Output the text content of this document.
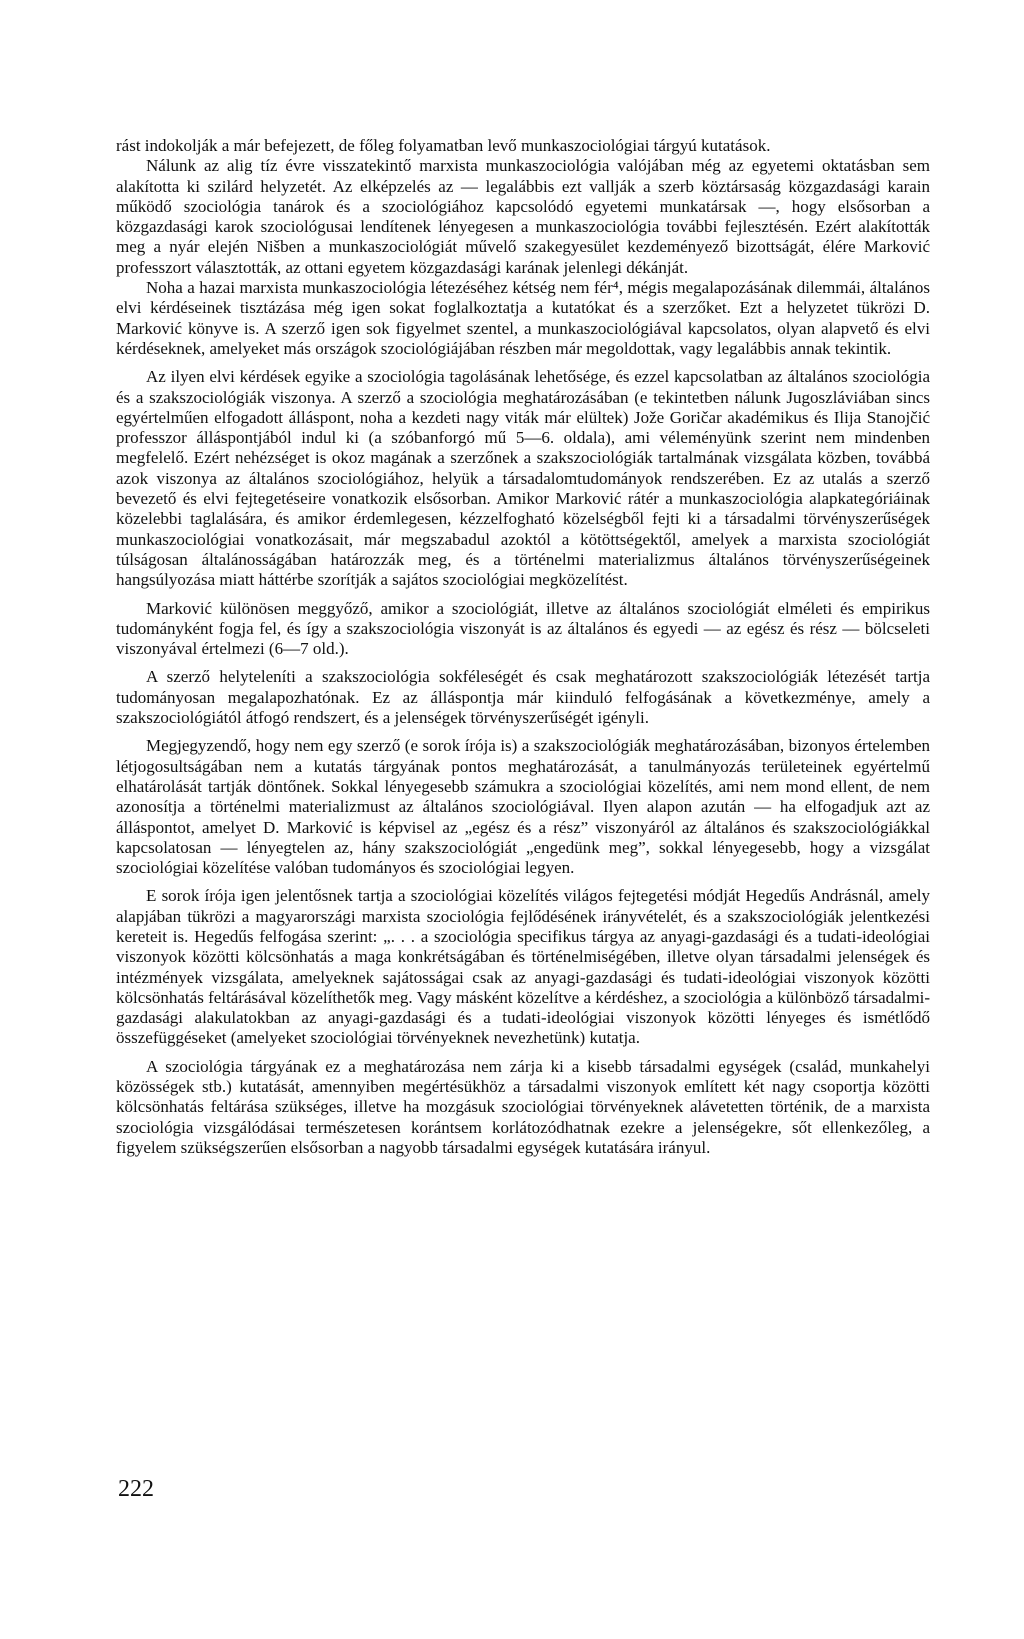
rást indokolják a már befejezett, de főleg folyamatban levő munkaszociológiai tárgyú kutatások.

Nálunk az alig tíz évre visszatekintő marxista munkaszociológia valójában még az egyetemi oktatásban sem alakította ki szilárd helyzetét. Az elképzelés az — legalábbis ezt vallják a szerb köztársaság közgazdasági karain működő szociológia tanárok és a szociológiához kapcsolódó egyetemi munkatársak —, hogy elsősorban a közgazdasági karok szociológusai lendítenek lényegesen a munkaszociológia további fejlesztésén. Ezért alakították meg a nyár elején Nišben a munkaszociológiát művelő szakegyesület kezdeményező bizottságát, élére Marković professzort választották, az ottani egyetem közgazdasági karának jelenlegi dékánját.

Noha a hazai marxista munkaszociológia létezéséhez kétség nem fér⁴, mégis megalapozásának dilemmái, általános elvi kérdéseinek tisztázása még igen sokat foglalkoztatja a kutatókat és a szerzőket. Ezt a helyzetet tükrözi D. Marković könyve is. A szerző igen sok figyelmet szentel, a munkaszociológiával kapcsolatos, olyan alapvető és elvi kérdéseknek, amelyeket más országok szociológiájában részben már megoldottak, vagy legalábbis annak tekintik.

Az ilyen elvi kérdések egyike a szociológia tagolásának lehetősége, és ezzel kapcsolatban az általános szociológia és a szakszociológiák viszonya. A szerző a szociológia meghatározásában (e tekintetben nálunk Jugoszláviában sincs egyértelműen elfogadott álláspont, noha a kezdeti nagy viták már elültek) Jože Goričar akadémikus és Ilija Stanojčić professzor álláspontjából indul ki (a szóbanforgó mű 5—6. oldala), ami véleményünk szerint nem mindenben megfelelő. Ezért nehézséget is okoz magának a szerzőnek a szakszociológiák tartalmának vizsgálata közben, továbbá azok viszonya az általános szociológiához, helyük a társadalomtudományok rendszerében. Ez az utalás a szerző bevezető és elvi fejtegetéseire vonatkozik elsősorban. Amikor Marković rátér a munkaszociológia alapkategóriáinak közelebbi taglalására, és amikor érdemlegesen, kézzelfogható közelségből fejti ki a társadalmi törvényszerűségek munkaszociológiai vonatkozásait, már megszabadul azoktól a kötöttségektől, amelyek a marxista szociológiát túlságosan általánosságában határozzák meg, és a történelmi materializmus általános törvényszerűségeinek hangsúlyozása miatt háttérbe szorítják a sajátos szociológiai megközelítést.

Marković különösen meggyőző, amikor a szociológiát, illetve az általános szociológiát elméleti és empirikus tudományként fogja fel, és így a szakszociológia viszonyát is az általános és egyedi — az egész és rész — bölcseleti viszonyával értelmezi (6—7 old.).

A szerző helyteleníti a szakszociológia sokféleségét és csak meghatározott szakszociológiák létezését tartja tudományosan megalapozhatónak. Ez az álláspontja már kiinduló felfogásának a következménye, amely a szakszociológiától átfogó rendszert, és a jelenségek törvényszerűségét igényli.

Megjegyzendő, hogy nem egy szerző (e sorok írója is) a szakszociológiák meghatározásában, bizonyos értelemben létjogosultságában nem a kutatás tárgyának pontos meghatározását, a tanulmányozás területeinek egyértelmű elhatárolását tartják döntőnek. Sokkal lényegesebb számukra a szociológiai közelítés, ami nem mond ellent, de nem azonosítja a történelmi materializmust az általános szociológiával. Ilyen alapon azután — ha elfogadjuk azt az álláspontot, amelyet D. Marković is képvisel az „egész és a rész” viszonyáról az általános és szakszociológiákkal kapcsolatosan — lényegtelen az, hány szakszociológiát „engedünk meg”, sokkal lényegesebb, hogy a vizsgálat szociológiai közelítése valóban tudományos és szociológiai legyen.

E sorok írója igen jelentősnek tartja a szociológiai közelítés világos fejtegetési módját Hegedűs Andrásnál, amely alapjában tükrözi a magyarországi marxista szociológia fejlődésének irányvételét, és a szakszociológiák jelentkezési kereteit is. Hegedűs felfogása szerint: „. . . a szociológia specifikus tárgya az anyagi-gazdasági és a tudati-ideológiai viszonyok közötti kölcsönhatás a maga konkrétságában és történelmiségében, illetve olyan társadalmi jelenségek és intézmények vizsgálata, amelyeknek sajátosságai csak az anyagi-gazdasági és tudati-ideológiai viszonyok közötti kölcsönhatás feltárásával közelíthetők meg. Vagy másként közelítve a kérdéshez, a szociológia a különböző társadalmi-gazdasági alakulatokban az anyagi-gazdasági és a tudati-ideológiai viszonyok közötti lényeges és ismétlődő összefüggéseket (amelyeket szociológiai törvényeknek nevezhetünk) kutatja.

A szociológia tárgyának ez a meghatározása nem zárja ki a kisebb társadalmi egységek (család, munkahelyi közösségek stb.) kutatását, amennyiben megértésükhöz a társadalmi viszonyok említett két nagy csoportja közötti kölcsönhatás feltárása szükséges, illetve ha mozgásuk szociológiai törvényeknek alávetetten történik, de a marxista szociológia vizsgálódásai természetesen korántsem korlátozódhatnak ezekre a jelenségekre, sőt ellenkezőleg, a figyelem szükségszerűen elsősorban a nagyobb társadalmi egységek kutatására irányul.

222
